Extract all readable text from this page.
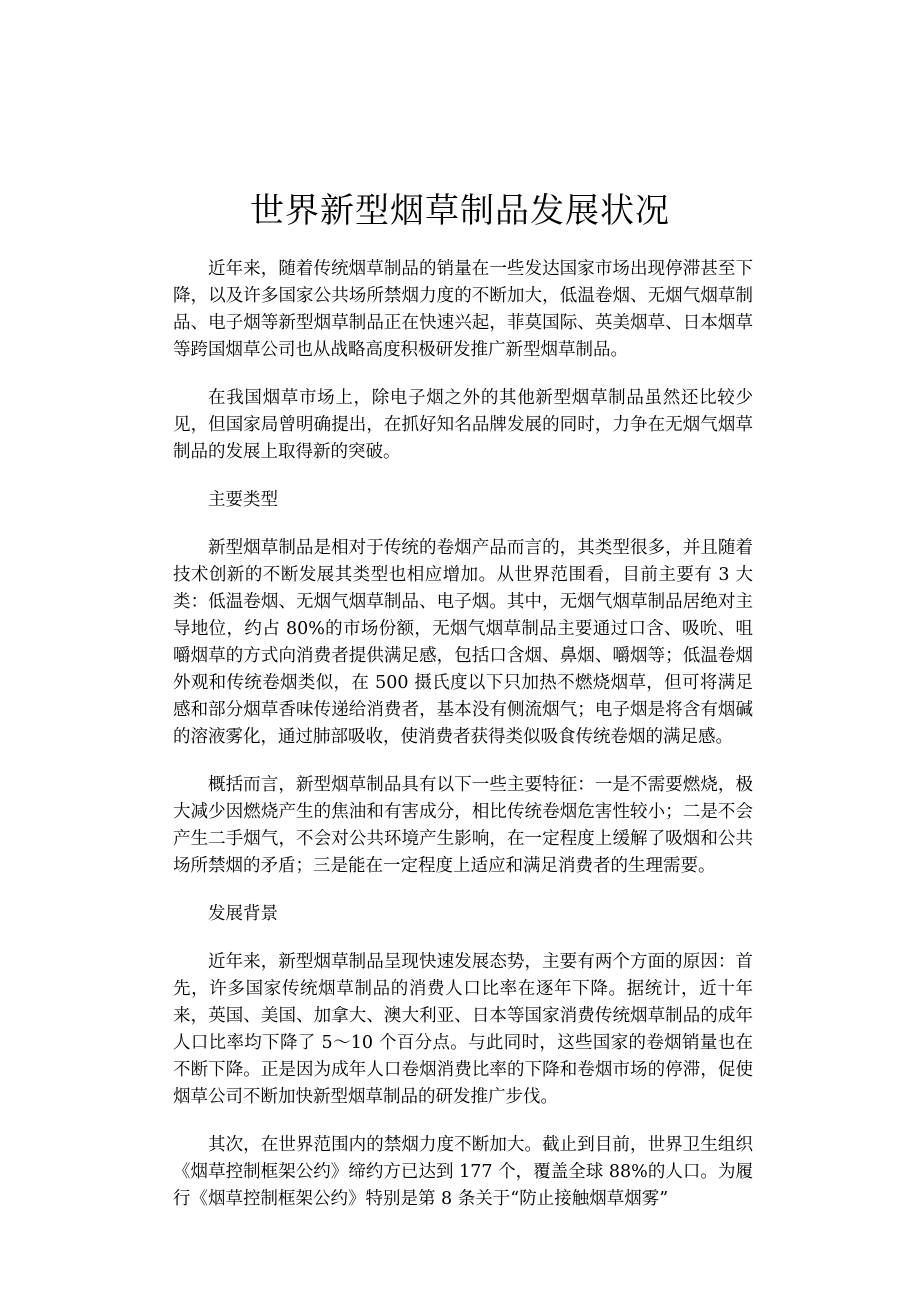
世界新型烟草制品发展状况

近年来，随着传统烟草制品的销量在一些发达国家市场出现停滞甚至下降，以及许多国家公共场所禁烟力度的不断加大，低温卷烟、无烟气烟草制品、电子烟等新型烟草制品正在快速兴起，菲莫国际、英美烟草、日本烟草等跨国烟草公司也从战略高度积极研发推广新型烟草制品。

在我国烟草市场上，除电子烟之外的其他新型烟草制品虽然还比较少见，但国家局曾明确提出，在抓好知名品牌发展的同时，力争在无烟气烟草制品的发展上取得新的突破。

主要类型

新型烟草制品是相对于传统的卷烟产品而言的，其类型很多，并且随着技术创新的不断发展其类型也相应增加。从世界范围看，目前主要有 3 大类：低温卷烟、无烟气烟草制品、电子烟。其中，无烟气烟草制品居绝对主导地位，约占 80%的市场份额，无烟气烟草制品主要通过口含、吸吮、咀嚼烟草的方式向消费者提供满足感，包括口含烟、鼻烟、嚼烟等；低温卷烟外观和传统卷烟类似，在 500 摄氏度以下只加热不燃烧烟草，但可将满足感和部分烟草香味传递给消费者，基本没有侧流烟气；电子烟是将含有烟碱的溶液雾化，通过肺部吸收，使消费者获得类似吸食传统卷烟的满足感。

概括而言，新型烟草制品具有以下一些主要特征：一是不需要燃烧，极大减少因燃烧产生的焦油和有害成分，相比传统卷烟危害性较小；二是不会产生二手烟气，不会对公共环境产生影响，在一定程度上缓解了吸烟和公共场所禁烟的矛盾；三是能在一定程度上适应和满足消费者的生理需要。

发展背景

近年来，新型烟草制品呈现快速发展态势，主要有两个方面的原因：首先，许多国家传统烟草制品的消费人口比率在逐年下降。据统计，近十年来，英国、美国、加拿大、澳大利亚、日本等国家消费传统烟草制品的成年人口比率均下降了 5～10 个百分点。与此同时，这些国家的卷烟销量也在不断下降。正是因为成年人口卷烟消费比率的下降和卷烟市场的停滞，促使烟草公司不断加快新型烟草制品的研发推广步伐。

其次，在世界范围内的禁烟力度不断加大。截止到目前，世界卫生组织《烟草控制框架公约》缔约方已达到 177 个，覆盖全球 88%的人口。为履行《烟草控制框架公约》特别是第 8 条关于“防止接触烟草烟雾”
